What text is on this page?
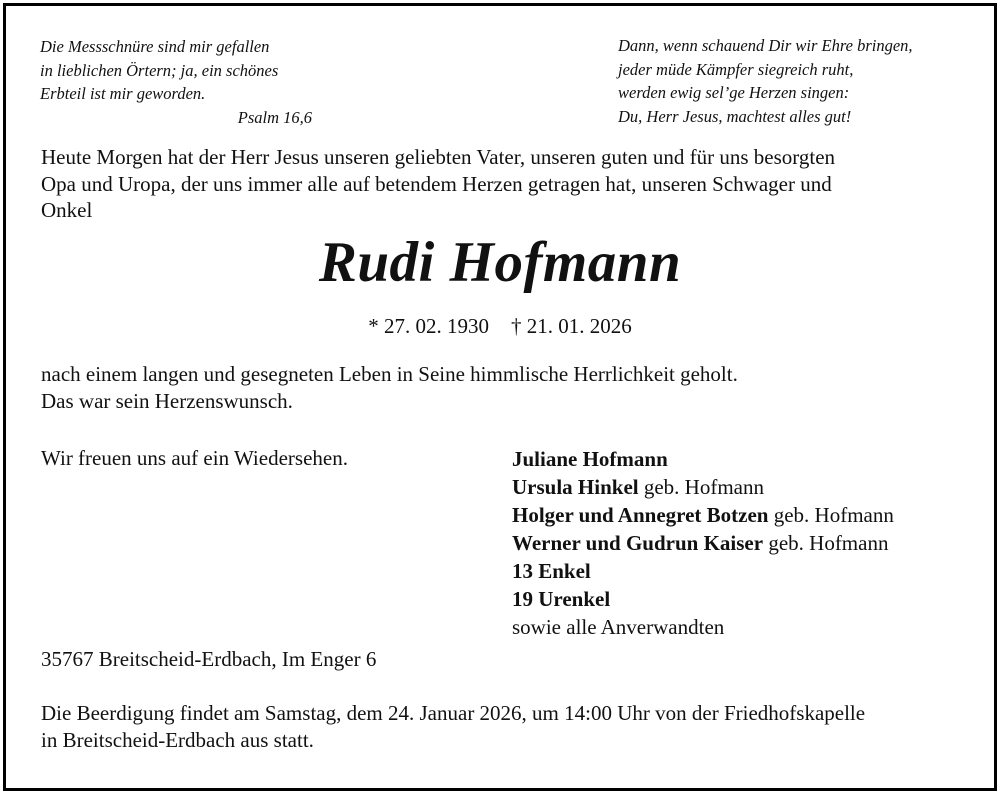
Die Messschnüre sind mir gefallen
in lieblichen Örtern; ja, ein schönes
Erbteil ist mir geworden.
Psalm 16,6
Dann, wenn schauend Dir wir Ehre bringen,
jeder müde Kämpfer siegreich ruht,
werden ewig sel’ge Herzen singen:
Du, Herr Jesus, machtest alles gut!
Heute Morgen hat der Herr Jesus unseren geliebten Vater, unseren guten und für uns besorgten
Opa und Uropa, der uns immer alle auf betendem Herzen getragen hat, unseren Schwager und
Onkel
Rudi Hofmann
* 27. 02. 1930 † 21. 01. 2026
nach einem langen und gesegneten Leben in Seine himmlische Herrlichkeit geholt.
Das war sein Herzenswunsch.
Wir freuen uns auf ein Wiedersehen.	Juliane Hofmann
Ursula Hinkel geb. Hofmann
Holger und Annegret Botzen geb. Hofmann
Werner und Gudrun Kaiser geb. Hofmann
13 Enkel
19 Urenkel
sowie alle Anverwandten
35767 Breitscheid-Erdbach, Im Enger 6
Die Beerdigung findet am Samstag, dem 24. Januar 2026, um 14:00 Uhr von der Friedhofskapelle
in Breitscheid-Erdbach aus statt.
